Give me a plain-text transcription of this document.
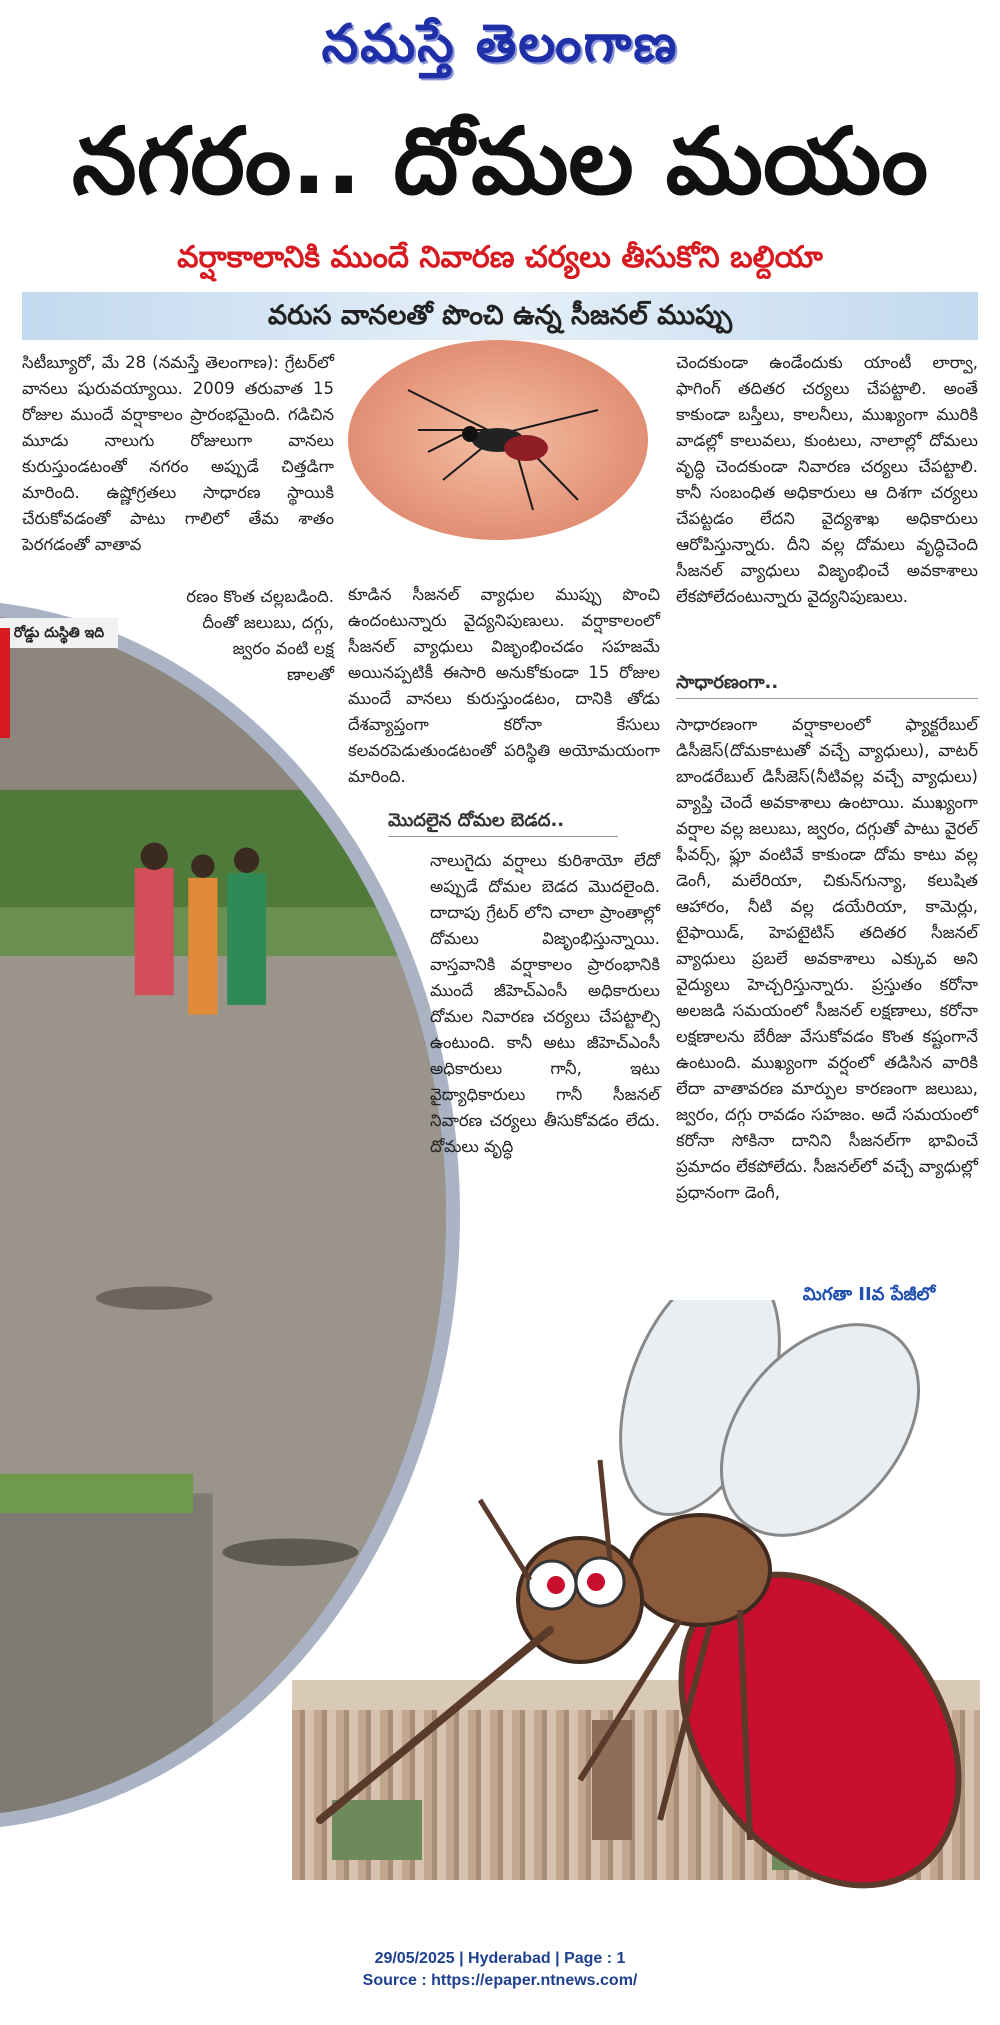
నమస్తే తెలంగాణ
నగరం.. దోమల మయం
వర్షాకాలానికి ముందే నివారణ చర్యలు తీసుకోని బల్దియా
వరుస వానలతో పొంచి ఉన్న సీజనల్ ముప్పు
రోడ్డు దుస్థితి ఇది

సిటీబ్యూరో, మే 28 (నమస్తే తెలంగాణ): గ్రేటర్‌లో వానలు షురువయ్యాయి. 2009 తరువాత 15 రోజుల ముందే వర్షాకాలం ప్రారంభమైంది. గడిచిన మూడు నాలుగు రోజులుగా వానలు కురుస్తుండటంతో నగరం అప్పుడే చిత్తడిగా మారింది. ఉష్ణోగ్రతలు సాధారణ స్థాయికి చేరుకోవడంతో పాటు గాలిలో తేమ శాతం పెరగడంతో వాతావ

రణం కొంత చల్లబడింది.

దీంతో జలుబు, దగ్గు,

జ్వరం వంటి లక్ష

ణాలతో

కూడిన సీజనల్ వ్యాధుల ముప్పు పొంచి ఉందంటున్నారు వైద్యనిపుణులు. వర్షాకాలంలో సీజనల్ వ్యాధులు విజృంభించడం సహజమే అయినప్పటికీ ఈసారి అనుకోకుండా 15 రోజుల ముందే వానలు కురుస్తుండటం, దానికి తోడు దేశవ్యాప్తంగా కరోనా కేసులు కలవరపెడుతుండటంతో పరిస్థితి అయోమయంగా మారింది.

మొదలైన దోమల బెడద..

నాలుగైదు వర్షాలు కురిశాయో లేదో అప్పుడే దోమల బెడద మొదలైంది. దాదాపు గ్రేటర్ లోని చాలా ప్రాంతాల్లో దోమలు విజృంభిస్తున్నాయి. వాస్తవానికి వర్షాకాలం ప్రారంభానికి ముందే జీహెచ్‌ఎంసీ అధికారులు దోమల నివారణ చర్యలు చేపట్టాల్సి ఉంటుంది. కానీ అటు జీహెచ్‌ఎంసీ అధికారులు గానీ, ఇటు వైద్యాధికారులు గానీ సీజనల్ నివారణ చర్యలు తీసుకోవడం లేదు. దోమలు వృద్ధి

చెందకుండా ఉండేందుకు యాంటీ లార్వా, ఫాగింగ్ తదితర చర్యలు చేపట్టాలి. అంతే కాకుండా బస్తీలు, కాలనీలు, ముఖ్యంగా మురికి వాడల్లో కాలువలు, కుంటలు, నాలాల్లో దోమలు వృద్ధి చెందకుండా నివారణ చర్యలు చేపట్టాలి. కానీ సంబంధిత అధికారులు ఆ దిశగా చర్యలు చేపట్టడం లేదని వైద్యశాఖ అధికారులు ఆరోపిస్తున్నారు. దీని వల్ల దోమలు వృద్ధిచెంది సీజనల్ వ్యాధులు విజృంభించే అవకాశాలు లేకపోలేదంటున్నారు వైద్యనిపుణులు.

సాధారణంగా..

సాధారణంగా వర్షాకాలంలో ఫ్యాక్టరేబుల్ డిసీజెస్(దోమకాటుతో వచ్చే వ్యాధులు), వాటర్ బాండరేబుల్ డిసీజెస్(నీటివల్ల వచ్చే వ్యాధులు) వ్యాప్తి చెందే అవకాశాలు ఉంటాయి. ముఖ్యంగా వర్షాల వల్ల జలుబు, జ్వరం, దగ్గుతో పాటు వైరల్ ఫీవర్స్, ఫ్లూ వంటివే కాకుండా దోమ కాటు వల్ల డెంగీ, మలేరియా, చికున్‌గున్యా, కలుషిత ఆహారం, నీటి వల్ల డయేరియా, కామెర్లు, టైఫాయిడ్, హెపటైటిస్ తదితర సీజనల్ వ్యాధులు ప్రబలే అవకాశాలు ఎక్కువ అని వైద్యులు హెచ్చరిస్తున్నారు. ప్రస్తుతం కరోనా అలజడి సమయంలో సీజనల్ లక్షణాలు, కరోనా లక్షణాలను బేరీజు వేసుకోవడం కొంత కష్టంగానే ఉంటుంది. ముఖ్యంగా వర్షంలో తడిసిన వారికి లేదా వాతావరణ మార్పుల కారణంగా జలుబు, జ్వరం, దగ్గు రావడం సహజం. అదే సమయంలో కరోనా సోకినా దానిని సీజనల్‌గా భావించే ప్రమాదం లేకపోలేదు. సీజనల్‌లో వచ్చే వ్యాధుల్లో ప్రధానంగా డెంగీ,

మిగతా IIవ పేజీలో
29/05/2025 | Hyderabad | Page : 1
Source : https://epaper.ntnews.com/
